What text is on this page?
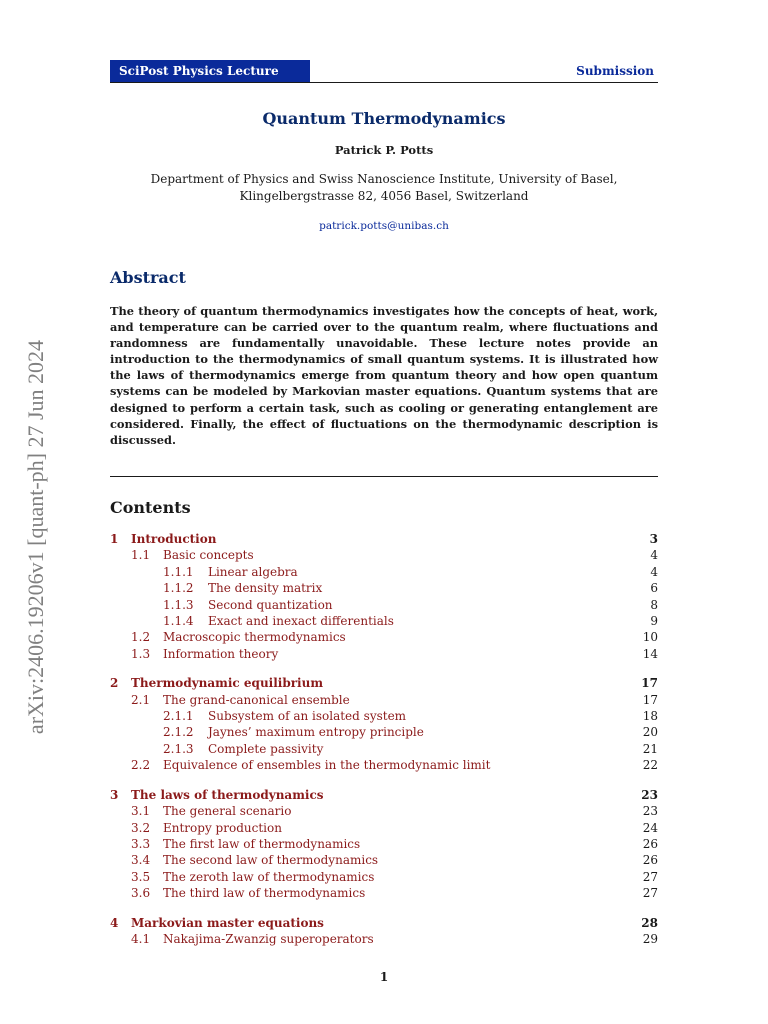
SciPost Physics Lecture Notes
Submission
Quantum Thermodynamics
Patrick P. Potts
Department of Physics and Swiss Nanoscience Institute, University of Basel,
Klingelbergstrasse 82, 4056 Basel, Switzerland
patrick.potts@unibas.ch
Abstract
The theory of quantum thermodynamics investigates how the concepts of heat, work, and temperature can be carried over to the quantum realm, where fluctuations and randomness are fundamentally unavoidable. These lecture notes provide an introduction to the thermodynamics of small quantum systems. It is illustrated how the laws of thermodynamics emerge from quantum theory and how open quantum systems can be modeled by Markovian master equations. Quantum systems that are designed to perform a certain task, such as cooling or generating entanglement are considered. Finally, the effect of fluctuations on the thermodynamic description is discussed.
Contents
1 Introduction	3
1.1 Basic concepts	4
1.1.1 Linear algebra	4
1.1.2 The density matrix	6
1.1.3 Second quantization	8
1.1.4 Exact and inexact differentials	9
1.2 Macroscopic thermodynamics	10
1.3 Information theory	14
2 Thermodynamic equilibrium	17
2.1 The grand-canonical ensemble	17
2.1.1 Subsystem of an isolated system	18
2.1.2 Jaynes’ maximum entropy principle	20
2.1.3 Complete passivity	21
2.2 Equivalence of ensembles in the thermodynamic limit	22
3 The laws of thermodynamics	23
3.1 The general scenario	23
3.2 Entropy production	24
3.3 The first law of thermodynamics	26
3.4 The second law of thermodynamics	26
3.5 The zeroth law of thermodynamics	27
3.6 The third law of thermodynamics	27
4 Markovian master equations	28
4.1 Nakajima-Zwanzig superoperators	29
1
arXiv:2406.19206v1 [quant-ph] 27 Jun 2024
